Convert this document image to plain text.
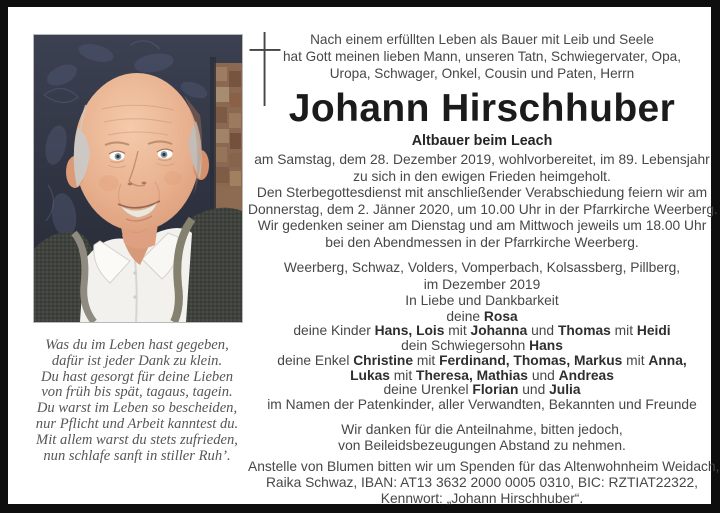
Was du im Leben hast gegeben,
dafür ist jeder Dank zu klein.
Du hast gesorgt für deine Lieben
von früh bis spät, tagaus, tagein.
Du warst im Leben so bescheiden,
nur Pflicht und Arbeit kanntest du.
Mit allem warst du stets zufrieden,
nun schlafe sanft in stiller Ruh’.
Nach einem erfüllten Leben als Bauer mit Leib und Seele
hat Gott meinen lieben Mann, unseren Tatn, Schwiegervater, Opa,
Uropa, Schwager, Onkel, Cousin und Paten, Herrn
Johann Hirschhuber
Altbauer beim Leach
am Samstag, dem 28. Dezember 2019, wohlvorbereitet, im 89. Lebensjahr
zu sich in den ewigen Frieden heimgeholt.
Den Sterbegottesdienst mit anschließender Verabschiedung feiern wir am
Donnerstag, dem 2. Jänner 2020, um 10.00 Uhr in der Pfarrkirche Weerberg.
Wir gedenken seiner am Dienstag und am Mittwoch jeweils um 18.00 Uhr
bei den Abendmessen in der Pfarrkirche Weerberg.
Weerberg, Schwaz, Volders, Vomperbach, Kolsassberg, Pillberg,
im Dezember 2019
In Liebe und Dankbarkeit
deine Rosa
deine Kinder Hans, Lois mit Johanna und Thomas mit Heidi
dein Schwiegersohn Hans
deine Enkel Christine mit Ferdinand, Thomas, Markus mit Anna,
Lukas mit Theresa, Mathias und Andreas
deine Urenkel Florian und Julia
im Namen der Patenkinder, aller Verwandten, Bekannten und Freunde
Wir danken für die Anteilnahme, bitten jedoch,
von Beileidsbezeugungen Abstand zu nehmen.
Anstelle von Blumen bitten wir um Spenden für das Altenwohnheim Weidach,
Raika Schwaz, IBAN: AT13 3632 2000 0005 0310, BIC: RZTIAT22322,
Kennwort: „Johann Hirschhuber“.
